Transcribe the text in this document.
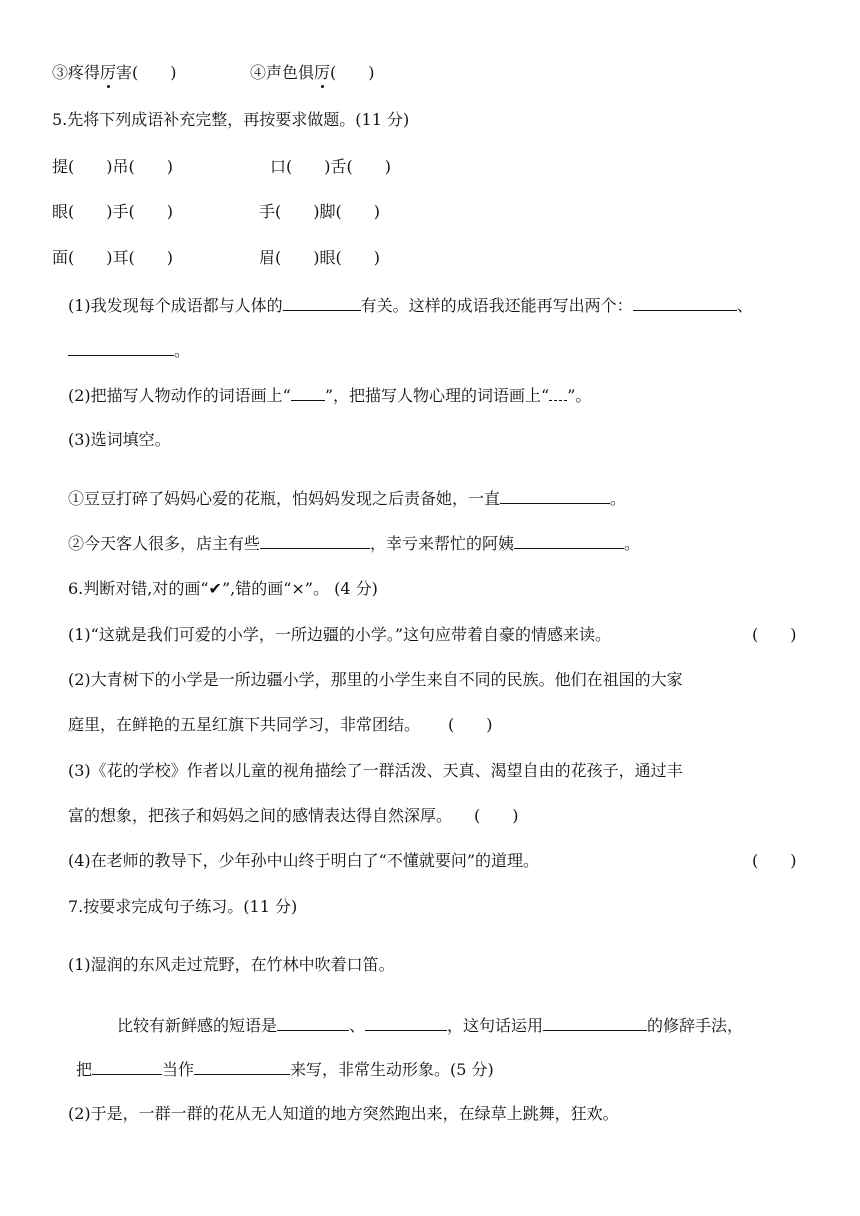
③疼得厉害(　　)	④声色俱厉(　　)
5.先将下列成语补充完整，再按要求做题。(11 分)
提(　　)吊(　　)	口(　　)舌(　　)
眼(　　)手(　　)	手(　　)脚(　　)
面(　　)耳(　　)	眉(　　)眼(　　)
(1)我发现每个成语都与人体的	有关。这样的成语我还能再写出两个：	、
。
(2)把描写人物动作的词语画上“ ”，把描写人物心理的词语画上“ ”。
(3)选词填空。
①豆豆打碎了妈妈心爱的花瓶，怕妈妈发现之后责备她，一直	。
②今天客人很多，店主有些	，幸亏来帮忙的阿姨	。
6.判断对错,对的画“✔”,错的画“×”。 (4 分)
(1)“这就是我们可爱的小学，一所边疆的小学。”这句应带着自豪的情感来读。	(　　)
(2)大青树下的小学是一所边疆小学，那里的小学生来自不同的民族。他们在祖国的大家
庭里，在鲜艳的五星红旗下共同学习，非常团结。 (　　)
(3)《花的学校》作者以儿童的视角描绘了一群活泼、天真、渴望自由的花孩子，通过丰
富的想象，把孩子和妈妈之间的感情表达得自然深厚。 (　　)
(4)在老师的教导下，少年孙中山终于明白了“不懂就要问”的道理。	(　　)
7.按要求完成句子练习。(11 分)
(1)湿润的东风走过荒野，在竹林中吹着口笛。
比较有新鲜感的短语是	、	，这句话运用	的修辞手法，
把	当作	来写，非常生动形象。(5 分)
(2)于是，一群一群的花从无人知道的地方突然跑出来，在绿草上跳舞，狂欢。
